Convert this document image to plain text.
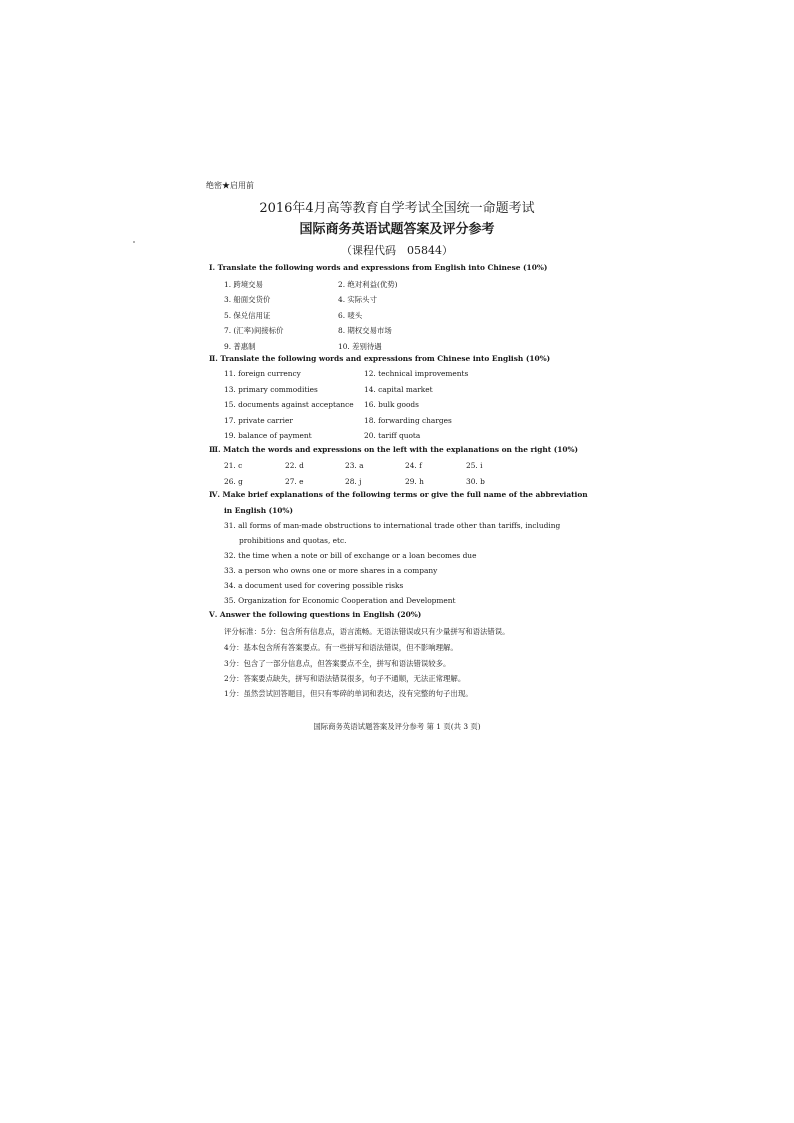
绝密★启用前
2016年4月高等教育自学考试全国统一命题考试
国际商务英语试题答案及评分参考
（课程代码　05844）
Ⅰ. Translate the following words and expressions from English into Chinese (10%)
1. 跨境交易	2. 绝对利益(优势)
3. 船面交货价	4. 实际头寸
5. 保兑信用证	6. 唛头
7. (汇率)间接标价	8. 期权交易市场
9. 普惠制	10. 差别待遇
Ⅱ. Translate the following words and expressions from Chinese into English (10%)
11. foreign currency	12. technical improvements
13. primary commodities	14. capital market
15. documents against acceptance 16. bulk goods
17. private carrier	18. forwarding charges
19. balance of payment	20. tariff quota
Ⅲ. Match the words and expressions on the left with the explanations on the right (10%)
21. c	22. d	23. a	24. f	25. i
26. g	27. e	28. j	29. h	30. b
Ⅳ. Make brief explanations of the following terms or give the full name of the abbreviation
in English (10%)
31. all forms of man-made obstructions to international trade other than tariffs, including
prohibitions and quotas, etc.
32. the time when a note or bill of exchange or a loan becomes due
33. a person who owns one or more shares in a company
34. a document used for covering possible risks
35. Organization for Economic Cooperation and Development
Ⅴ. Answer the following questions in English (20%)
评分标准：5分：包含所有信息点，语言流畅。无语法错误或只有少量拼写和语法错误。
4分：基本包含所有答案要点。有一些拼写和语法错误，但不影响理解。
3分：包含了一部分信息点，但答案要点不全，拼写和语法错误较多。
2分：答案要点缺失，拼写和语法错误很多，句子不通顺，无法正常理解。
1分：虽然尝试回答题目，但只有零碎的单词和表达，没有完整的句子出现。
国际商务英语试题答案及评分参考 第 1 页(共 3 页)
